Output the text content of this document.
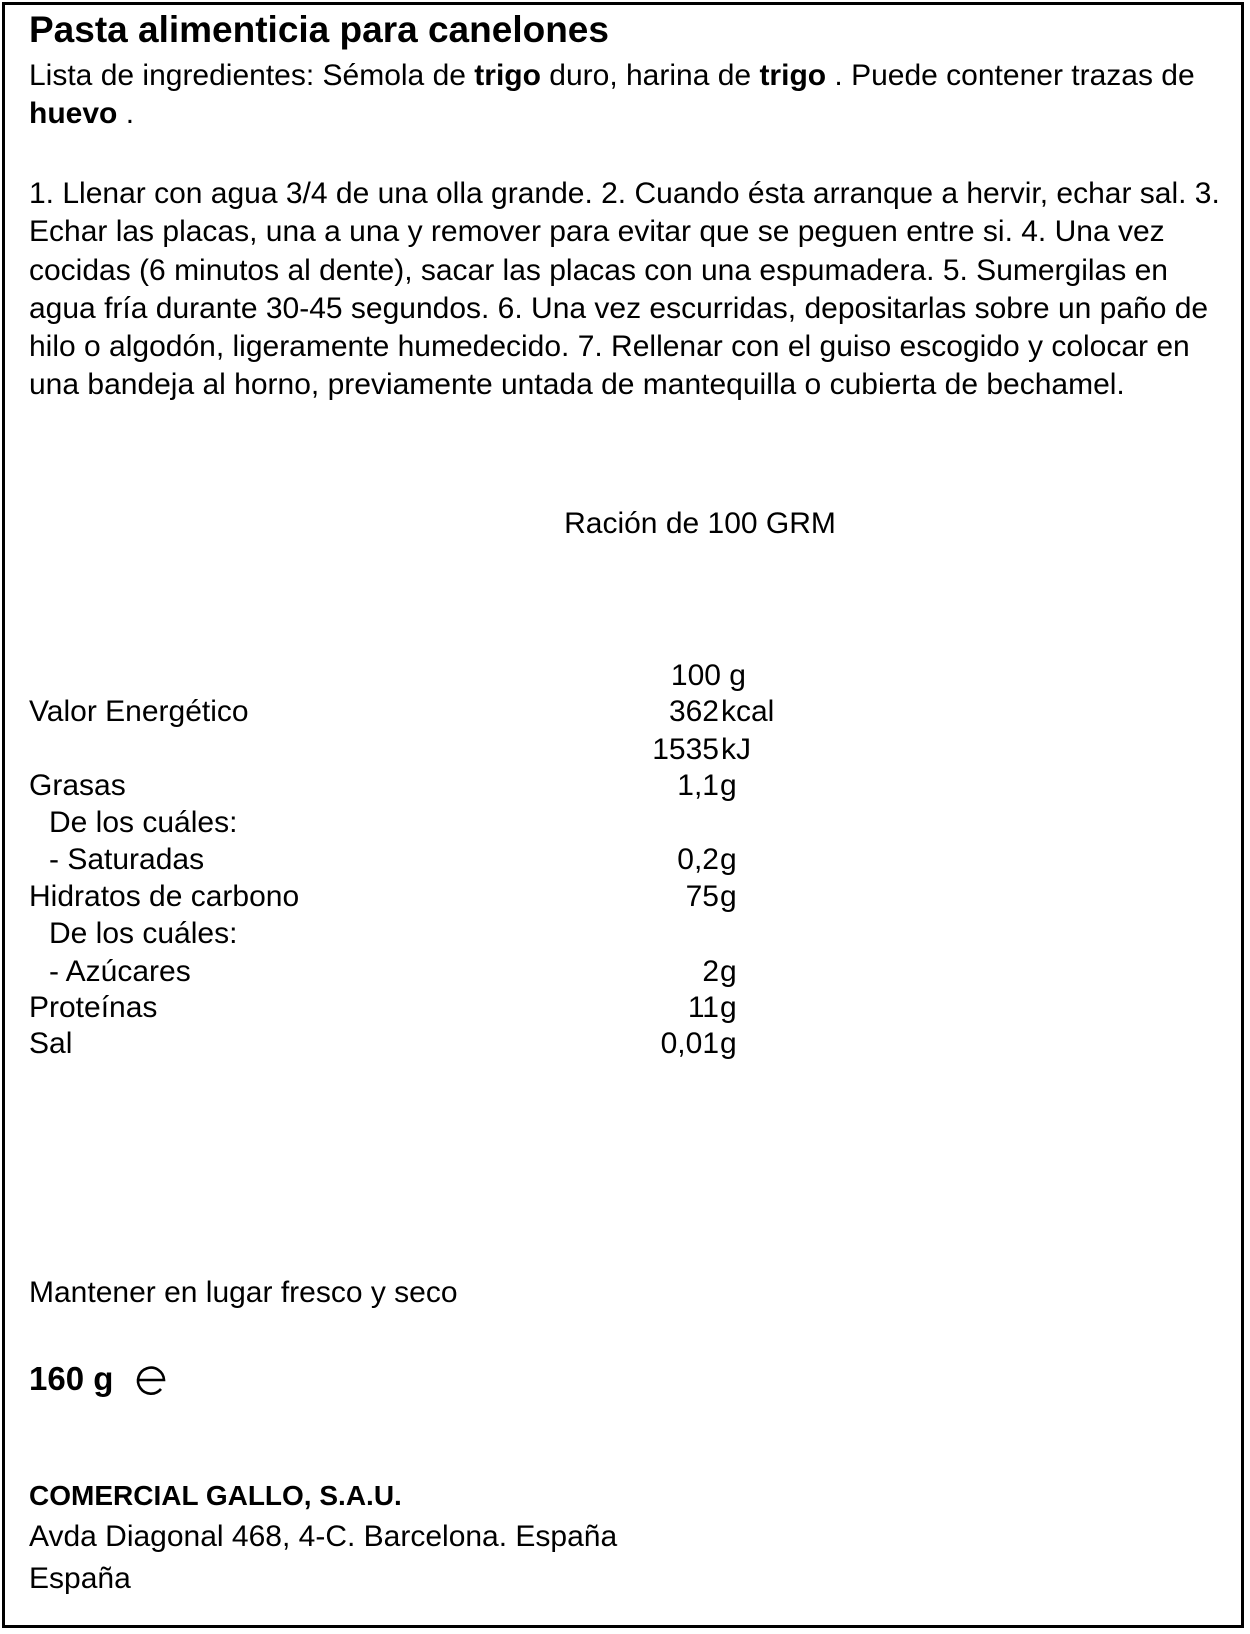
Pasta alimenticia para canelones
Lista de ingredientes: Sémola de trigo duro, harina de trigo . Puede contener trazas de huevo .
1. Llenar con agua 3/4 de una olla grande. 2. Cuando ésta arranque a hervir, echar sal. 3. Echar las placas, una a una y remover para evitar que se peguen entre si. 4. Una vez cocidas (6 minutos al dente), sacar las placas con una espumadera. 5. Sumergilas en agua fría durante 30-45 segundos. 6. Una vez escurridas, depositarlas sobre un paño de hilo o algodón, ligeramente humedecido. 7. Rellenar con el guiso escogido y colocar en una bandeja al horno, previamente untada de mantequilla o cubierta de bechamel.
Ración de 100 GRM
100 g
Valor Energético	362 kcal
1535 kJ
Grasas	1,1 g
De los cuáles:
- Saturadas	0,2 g
Hidratos de carbono	75 g
De los cuáles:
- Azúcares	2 g
Proteínas	11 g
Sal	0,01 g
Mantener en lugar fresco y seco
160 g
COMERCIAL GALLO, S.A.U.
Avda Diagonal 468, 4-C. Barcelona. España
España
